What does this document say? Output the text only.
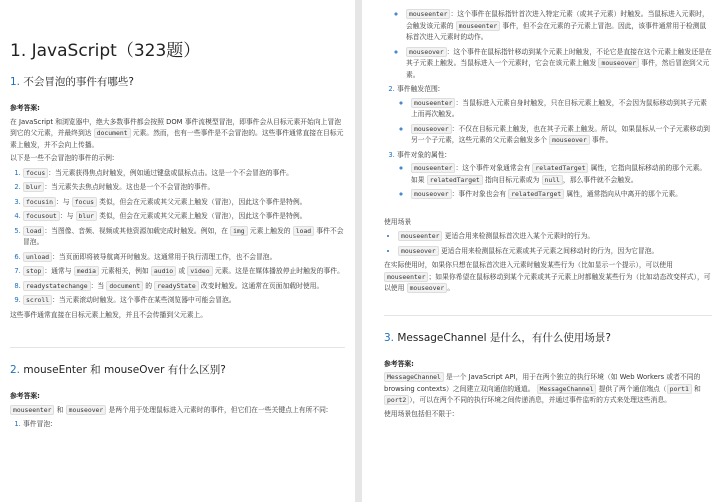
1. JavaScript（323题）
1. 不会冒泡的事件有哪些?
参考答案:

在 JavaScript 和浏览器中，绝大多数事件都会按照 DOM 事件流模型冒泡，即事件会从目标元素开始向上冒泡到它的父元素，并最终到达 document 元素。然而，也有一些事件是不会冒泡的。这些事件通常直接在目标元素上触发，并不会向上传播。

以下是一些不会冒泡的事件的示例:

1. focus ：当元素获得焦点时触发，例如通过键盘或鼠标点击。这是一个不会冒泡的事件。
2. blur ：当元素失去焦点时触发。这也是一个不会冒泡的事件。
3. focusin ：与 focus 类似，但会在元素或其父元素上触发（冒泡），因此这个事件是特例。
4. focusout ：与 blur 类似，但会在元素或其父元素上触发（冒泡），因此这个事件是特例。
5. load ：当图像、音频、视频或其他资源加载完成时触发。例如，在 img 元素上触发的 load 事件不会冒泡。
6. unload ：当页面即将被导航离开时触发。这通常用于执行清理工作，也不会冒泡。
7. stop ：通常与 media 元素相关，例如 audio 或 video 元素。这是在媒体播放停止时触发的事件。
8. readystatechange ：当 document 的 readyState 改变时触发。这通常在页面加载时使用。
9. scroll ：当元素滚动时触发。这个事件在某些浏览器中可能会冒泡。

这些事件通常直接在目标元素上触发，并且不会传播到父元素上。

2. mouseEnter 和 mouseOver 有什么区别?
参考答案:

mouseenter 和 mouseover 是两个用于处理鼠标进入元素时的事件，但它们在一些关键点上有所不同:

1. 事件冒泡:
◦ mouseenter ：这个事件在鼠标指针首次进入特定元素（或其子元素）时触发。当鼠标进入元素时，会触发该元素的 mouseenter 事件，但不会在元素的子元素上冒泡。因此，该事件通常用于检测鼠标首次进入元素时的动作。
◦ mouseover ：这个事件在鼠标指针移动到某个元素上时触发，不论它是直接在这个元素上触发还是在其子元素上触发。当鼠标进入一个元素时，它会在该元素上触发 mouseover 事件，然后冒泡到父元素。
2. 事件触发范围:
◦ mouseenter ：当鼠标进入元素自身时触发，只在目标元素上触发，不会因为鼠标移动到其子元素上而再次触发。
◦ mouseover ：不仅在目标元素上触发，也在其子元素上触发。所以，如果鼠标从一个子元素移动到另一个子元素，这些元素的父元素会触发多个 mouseover 事件。
3. 事件对象的属性:
◦ mouseenter ：这个事件对象通常会有 relatedTarget 属性，它指向鼠标移动前的那个元素。如果 relatedTarget 指向目标元素或为 null ，那么事件就不会触发。
◦ mouseover ：事件对象也会有 relatedTarget 属性，通常指向从中离开的那个元素。
使用场景
• mouseenter 更适合用来检测鼠标首次进入某个元素时的行为。
• mouseover 更适合用来检测鼠标在元素或其子元素之间移动时的行为，因为它冒泡。

在实际使用时，如果你只想在鼠标首次进入元素时触发某些行为（比如显示一个提示），可以使用 mouseenter ；如果你希望在鼠标移动到某个元素或其子元素上时都触发某些行为（比如动态改变样式），可以使用 mouseover 。

3. MessageChannel 是什么，有什么使用场景?
参考答案:

MessageChannel 是一个 JavaScript API，用于在两个独立的执行环境（如 Web Workers 或者不同的 browsing contexts）之间建立双向通信的通道。 MessageChannel 提供了两个通信端点（ port1 和 port2 ），可以在两个不同的执行环境之间传递消息，并通过事件监听的方式来处理这些消息。

使用场景包括但不限于:
